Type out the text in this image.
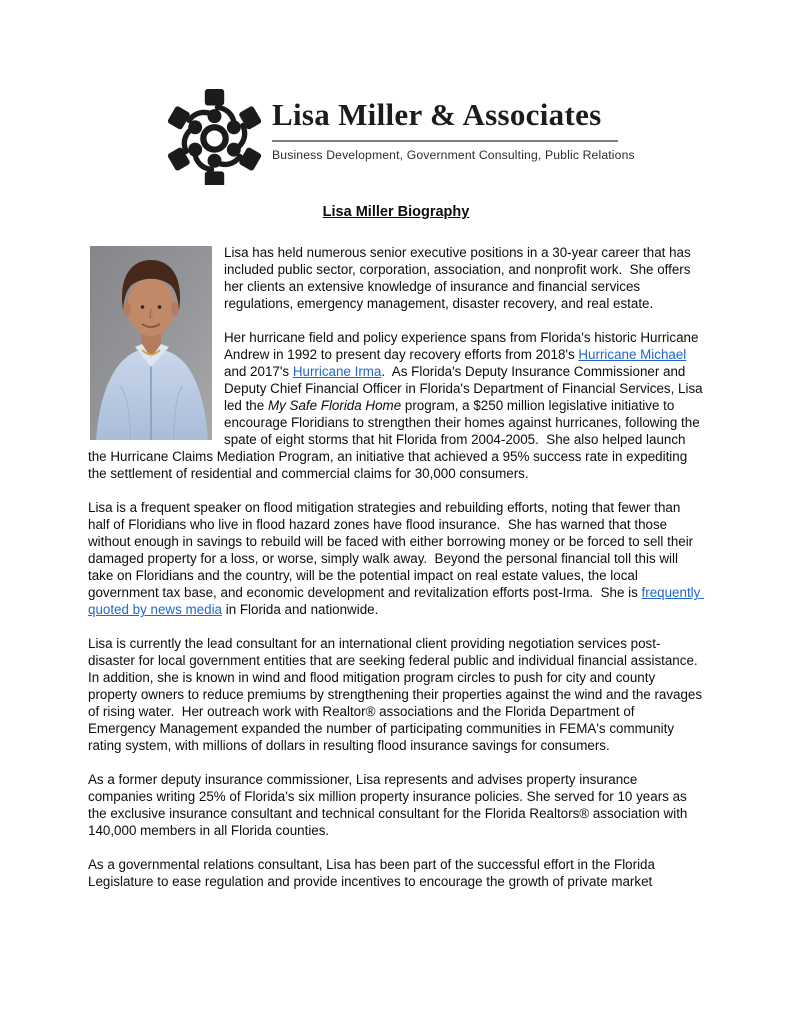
Lisa Miller & Associates
Business Development, Government Consulting, Public Relations
Lisa Miller Biography

Lisa has held numerous senior executive positions in a 30-year career that has included public sector, corporation, association, and nonprofit work.  She offers her clients an extensive knowledge of insurance and financial services regulations, emergency management, disaster recovery, and real estate.

Her hurricane field and policy experience spans from Florida's historic Hurricane Andrew in 1992 to present day recovery efforts from 2018's Hurricane Michael and 2017's Hurricane Irma.  As Florida's Deputy Insurance Commissioner and Deputy Chief Financial Officer in Florida's Department of Financial Services, Lisa led the My Safe Florida Home program, a $250 million legislative initiative to encourage Floridians to strengthen their homes against hurricanes, following the spate of eight storms that hit Florida from 2004-2005.  She also helped launch the Hurricane Claims Mediation Program, an initiative that achieved a 95% success rate in expediting the settlement of residential and commercial claims for 30,000 consumers.

Lisa is a frequent speaker on flood mitigation strategies and rebuilding efforts, noting that fewer than half of Floridians who live in flood hazard zones have flood insurance.  She has warned that those without enough in savings to rebuild will be faced with either borrowing money or be forced to sell their damaged property for a loss, or worse, simply walk away.  Beyond the personal financial toll this will take on Floridians and the country, will be the potential impact on real estate values, the local government tax base, and economic development and revitalization efforts post-Irma.  She is frequently quoted by news media in Florida and nationwide.

Lisa is currently the lead consultant for an international client providing negotiation services post-disaster for local government entities that are seeking federal public and individual financial assistance.  In addition, she is known in wind and flood mitigation program circles to push for city and county property owners to reduce premiums by strengthening their properties against the wind and the ravages of rising water.  Her outreach work with Realtor® associations and the Florida Department of Emergency Management expanded the number of participating communities in FEMA's community rating system, with millions of dollars in resulting flood insurance savings for consumers.

As a former deputy insurance commissioner, Lisa represents and advises property insurance companies writing 25% of Florida's six million property insurance policies. She served for 10 years as the exclusive insurance consultant and technical consultant for the Florida Realtors® association with 140,000 members in all Florida counties.

As a governmental relations consultant, Lisa has been part of the successful effort in the Florida Legislature to ease regulation and provide incentives to encourage the growth of private market
